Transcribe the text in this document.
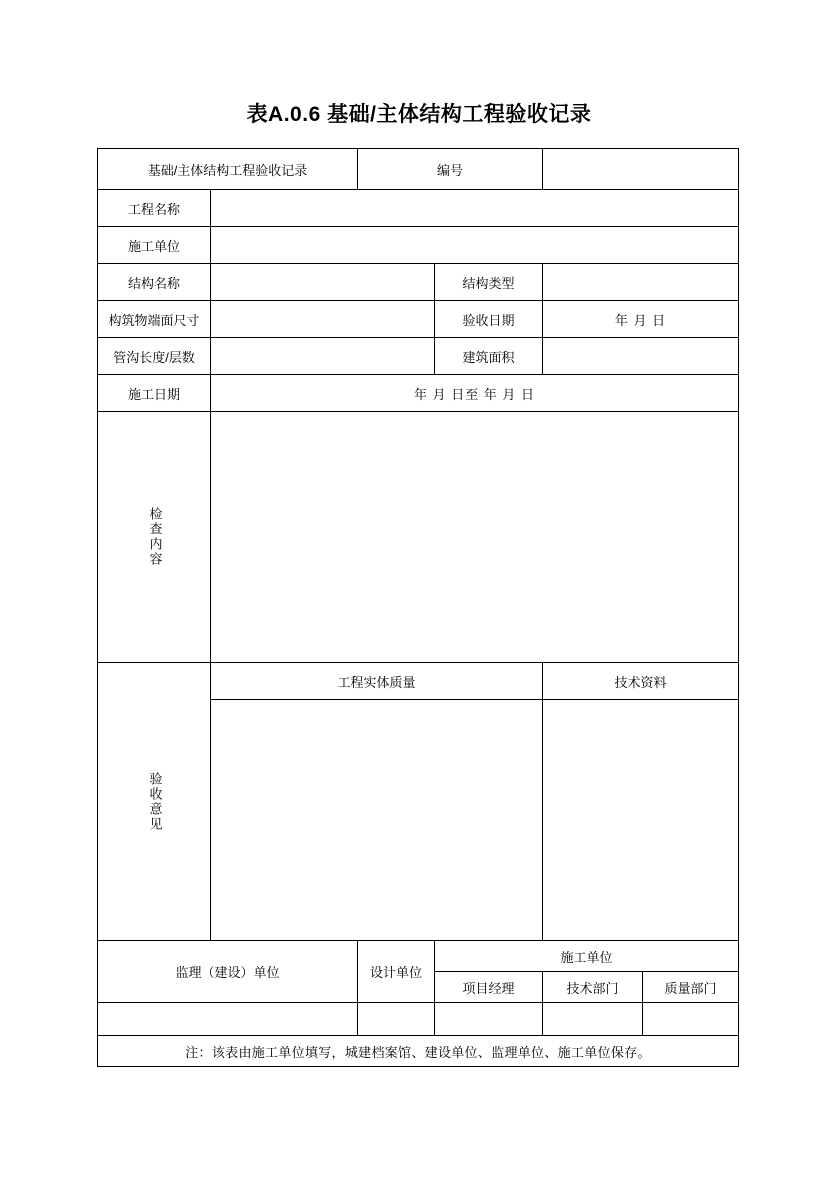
表A.0.6 基础/主体结构工程验收记录
基础/主体结构工程验收记录		编号			
工程名称					
施工单位					
结构名称			结构类型		
构筑物端面尺寸			验收日期	年 月 日	
管沟长度/层数			建筑面积		
施工日期	年 月 日至 年 月 日				

检查内容					

验收意见	工程实体质量			技术资料	

监理（建设）单位		设计单位	施工单位		
			项目经理	技术部门	质量部门

注：该表由施工单位填写，城建档案馆、建设单位、监理单位、施工单位保存。					
